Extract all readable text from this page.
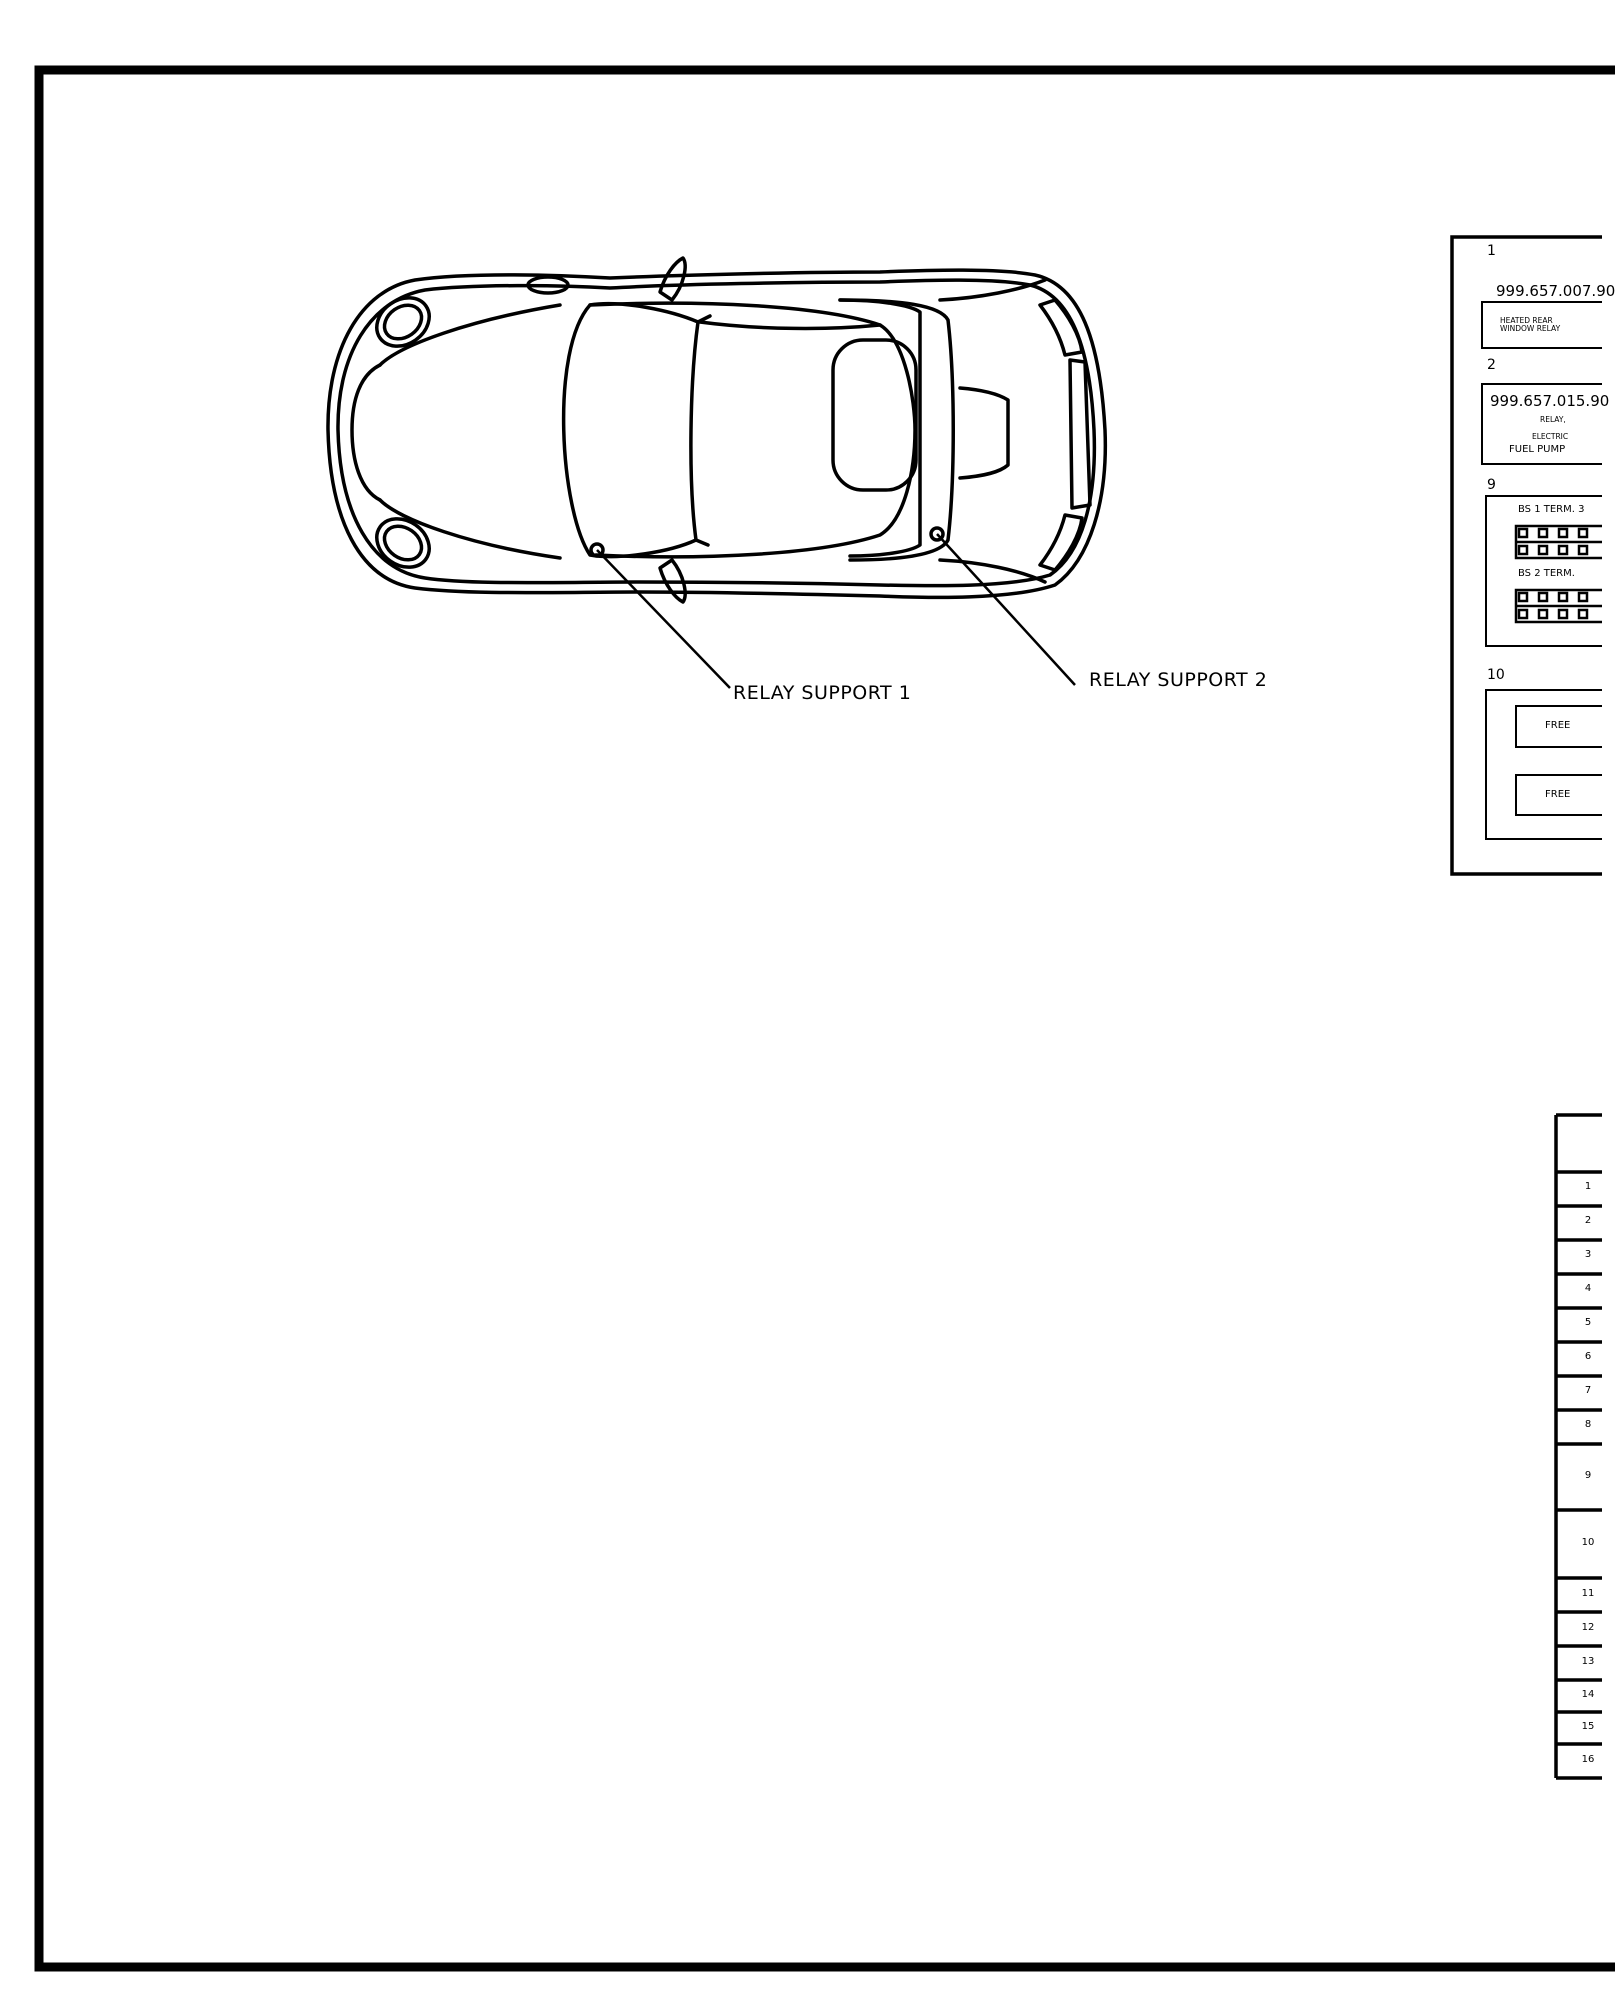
RELAY SUPPORT 1
RELAY SUPPORT 2
1
999.657.007.90
HEATED REAR
WINDOW RELAY
2
999.657.015.90
RELAY,
ELECTRIC
FUEL PUMP
9
BS 1 TERM. 3
BS 2 TERM.
10
FREE
FREE
1
2
3
4
5
6
7
8
9
10
11
12
13
14
15
16
